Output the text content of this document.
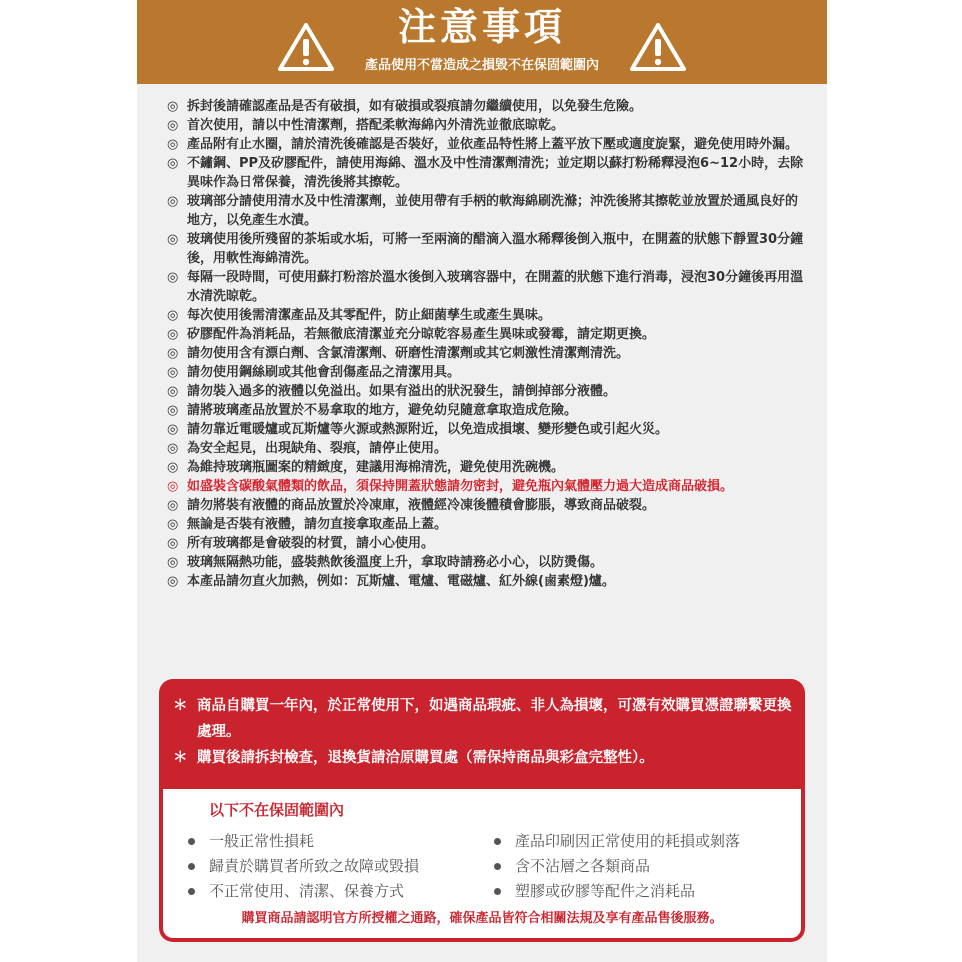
注意事項
產品使用不當造成之損毀不在保固範圍內
◎ 拆封後請確認產品是否有破損，如有破損或裂痕請勿繼續使用，以免發生危險。
◎ 首次使用，請以中性清潔劑，搭配柔軟海綿內外清洗並徹底晾乾。
◎ 產品附有止水圈，請於清洗後確認是否裝好，並依產品特性將上蓋平放下壓或適度旋緊，避免使用時外漏。
◎ 不鏽鋼、PP及矽膠配件，請使用海綿、溫水及中性清潔劑清洗；並定期以蘇打粉稀釋浸泡6~12小時，去除異味作為日常保養，清洗後將其擦乾。
◎ 玻璃部分請使用清水及中性清潔劑，並使用帶有手柄的軟海綿刷洗滌；沖洗後將其擦乾並放置於通風良好的地方，以免產生水漬。
◎ 玻璃使用後所殘留的茶垢或水垢，可將一至兩滴的醋滴入溫水稀釋後倒入瓶中，在開蓋的狀態下靜置30分鐘後，用軟性海綿清洗。
◎ 每隔一段時間，可使用蘇打粉溶於溫水後倒入玻璃容器中，在開蓋的狀態下進行消毒，浸泡30分鐘後再用溫水清洗晾乾。
◎ 每次使用後需清潔產品及其零配件，防止細菌孳生或產生異味。
◎ 矽膠配件為消耗品，若無徹底清潔並充分晾乾容易產生異味或發霉，請定期更換。
◎ 請勿使用含有漂白劑、含氯清潔劑、研磨性清潔劑或其它刺激性清潔劑清洗。
◎ 請勿使用鋼絲刷或其他會刮傷產品之清潔用具。
◎ 請勿裝入過多的液體以免溢出。如果有溢出的狀況發生，請倒掉部分液體。
◎ 請將玻璃產品放置於不易拿取的地方，避免幼兒隨意拿取造成危險。
◎ 請勿靠近電暖爐或瓦斯爐等火源或熱源附近，以免造成損壞、變形變色或引起火災。
◎ 為安全起見，出現缺角、裂痕，請停止使用。
◎ 為維持玻璃瓶圖案的精緻度，建議用海棉清洗，避免使用洗碗機。
◎ 如盛裝含碳酸氣體類的飲品，須保持開蓋狀態請勿密封，避免瓶內氣體壓力過大造成商品破損。
◎ 請勿將裝有液體的商品放置於冷凍庫，液體經冷凍後體積會膨脹，導致商品破裂。
◎ 無論是否裝有液體，請勿直接拿取產品上蓋。
◎ 所有玻璃都是會破裂的材質，請小心使用。
◎ 玻璃無隔熱功能，盛裝熱飲後溫度上升，拿取時請務必小心，以防燙傷。
◎ 本產品請勿直火加熱，例如：瓦斯爐、電爐、電磁爐、紅外線(鹵素燈)爐。
＊ 商品自購買一年內，於正常使用下，如遇商品瑕疵、非人為損壞，可憑有效購買憑證聯繫更換處理。
＊ 購買後請拆封檢查，退換貨請洽原購買處（需保持商品與彩盒完整性）。
以下不在保固範圍內
一般正常性損耗
歸責於購買者所致之故障或毀損
不正常使用、清潔、保養方式
產品印刷因正常使用的耗損或剝落
含不沾層之各類商品
塑膠或矽膠等配件之消耗品
購買商品請認明官方所授權之通路，確保產品皆符合相關法規及享有產品售後服務。
